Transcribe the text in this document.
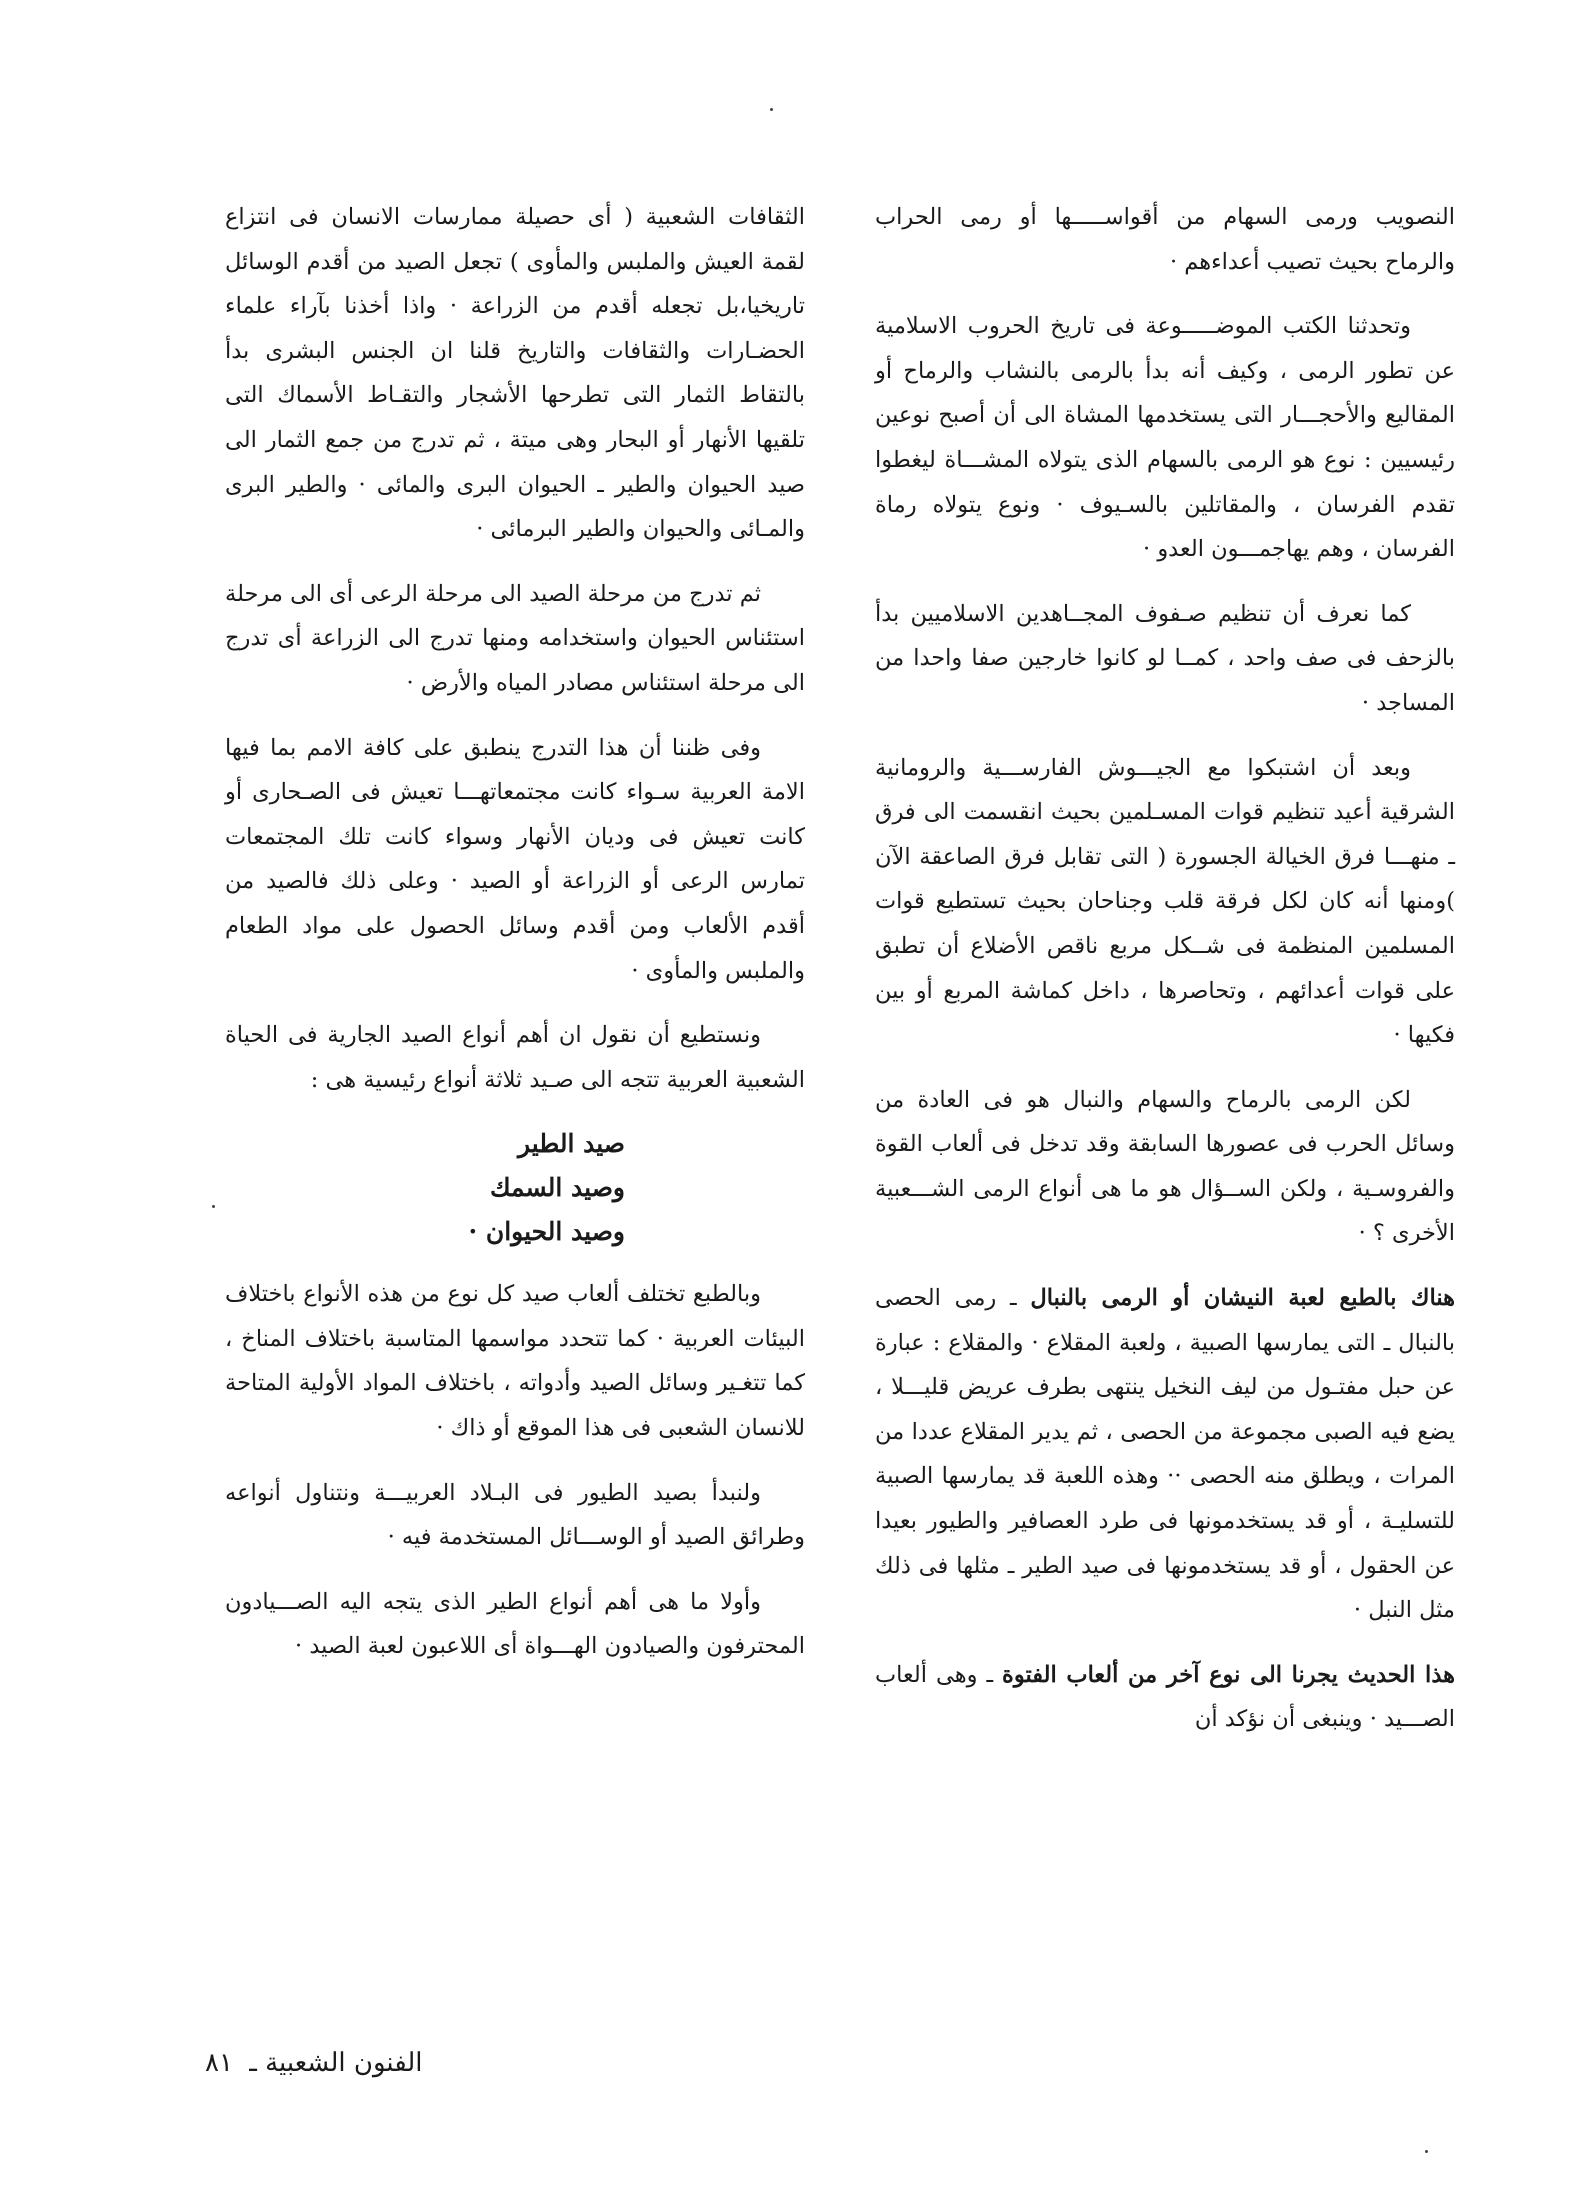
النصويب ورمى السهام من أقواســـــها أو رمى الحراب والرماح بحيث تصيب أعداءهم ·

وتحدثنا الكتب الموضـــــوعة فى تاريخ الحروب الاسلامية عن تطور الرمى ، وكيف أنه بدأ بالرمى بالنشاب والرماح أو المقاليع والأحجـــار التى يستخدمها المشاة الى أن أصبح نوعين رئيسيين : نوع هو الرمى بالسهام الذى يتولاه المشـــاة ليغطوا تقدم الفرسان ، والمقاتلين بالسـيوف · ونوع يتولاه رماة الفرسان ، وهم يهاجمـــون العدو ·

كما نعرف أن تنظيم صـفوف المجــاهدين الاسلاميين بدأ بالزحف فى صف واحد ، كمــا لو كانوا خارجين صفا واحدا من المساجد ·

وبعد أن اشتبكوا مع الجيـــوش الفارســـية والرومانية الشرقية أعيد تنظيم قوات المسـلمين بحيث انقسمت الى فرق ـ منهـــا فرق الخيالة الجسورة ( التى تقابل فرق الصاعقة الآن )ومنها أنه كان لكل فرقة قلب وجناحان بحيث تستطيع قوات المسلمين المنظمة فى شــكل مربع ناقص الأضلاع أن تطبق على قوات أعدائهم ، وتحاصرها ، داخل كماشة المربع أو بين فكيها ·

لكن الرمى بالرماح والسهام والنبال هو فى العادة من وسائل الحرب فى عصورها السابقة وقد تدخل فى ألعاب القوة والفروسـية ، ولكن الســؤال هو ما هى أنواع الرمى الشـــعبية الأخرى ؟ ·

هناك بالطبع لعبة النيشان أو الرمى بالنبال ـ رمى الحصى بالنبال ـ التى يمارسها الصبية ، ولعبة المقلاع · والمقلاع : عبارة عن حبل مفتـول من ليف النخيل ينتهى بطرف عريض قليـــلا ، يضع فيه الصبى مجموعة من الحصى ، ثم يدير المقلاع عددا من المرات ، ويطلق منه الحصى ·· وهذه اللعبة قد يمارسها الصبية للتسليـة ، أو قد يستخدمونها فى طرد العصافير والطيور بعيدا عن الحقول ، أو قد يستخدمونها فى صيد الطير ـ مثلها فى ذلك مثل النبل ·

هذا الحديث يجرنا الى نوع آخر من ألعاب الفتوة ـ وهى ألعاب الصـــيد · وينبغى أن نؤكد أن

الثقافات الشعبية ( أى حصيلة ممارسات الانسان فى انتزاع لقمة العيش والملبس والمأوى ) تجعل الصيد من أقدم الوسائل تاريخيا،بل تجعله أقدم من الزراعة · واذا أخذنا بآراء علماء الحضـارات والثقافات والتاريخ قلنا ان الجنس البشرى بدأ بالتقاط الثمار التى تطرحها الأشجار والتقـاط الأسماك التى تلقيها الأنهار أو البحار وهى ميتة ، ثم تدرج من جمع الثمار الى صيد الحيوان والطير ـ الحيوان البرى والمائى · والطير البرى والمـائى والحيوان والطير البرمائى ·

ثم تدرج من مرحلة الصيد الى مرحلة الرعى أى الى مرحلة استئناس الحيوان واستخدامه ومنها تدرج الى الزراعة أى تدرج الى مرحلة استئناس مصادر المياه والأرض ·

وفى ظننا أن هذا التدرج ينطبق على كافة الامم بما فيها الامة العربية سـواء كانت مجتمعاتهـــا تعيش فى الصـحارى أو كانت تعيش فى وديان الأنهار وسواء كانت تلك المجتمعات تمارس الرعى أو الزراعة أو الصيد · وعلى ذلك فالصيد من أقدم الألعاب ومن أقدم وسائل الحصول على مواد الطعام والملبس والمأوى ·

ونستطيع أن نقول ان أهم أنواع الصيد الجارية فى الحياة الشعبية العربية تتجه الى صـيد ثلاثة أنواع رئيسية هى :

صيد الطير
وصيد السمك
وصيد الحيوان ·

وبالطبع تختلف ألعاب صيد كل نوع من هذه الأنواع باختلاف البيئات العربية · كما تتحدد مواسمها المتاسبة باختلاف المناخ ، كما تتغـير وسائل الصيد وأدواته ، باختلاف المواد الأولية المتاحة للانسان الشعبى فى هذا الموقع أو ذاك ·

ولنبدأ بصيد الطيور فى البـلاد العربيـــة ونتناول أنواعه وطرائق الصيد أو الوســـائل المستخدمة فيه ·

وأولا ما هى أهم أنواع الطير الذى يتجه اليه الصـــيادون المحترفون والصيادون الهـــواة أى اللاعبون لعبة الصيد ·

الفنون الشعبية ـ ٨١
